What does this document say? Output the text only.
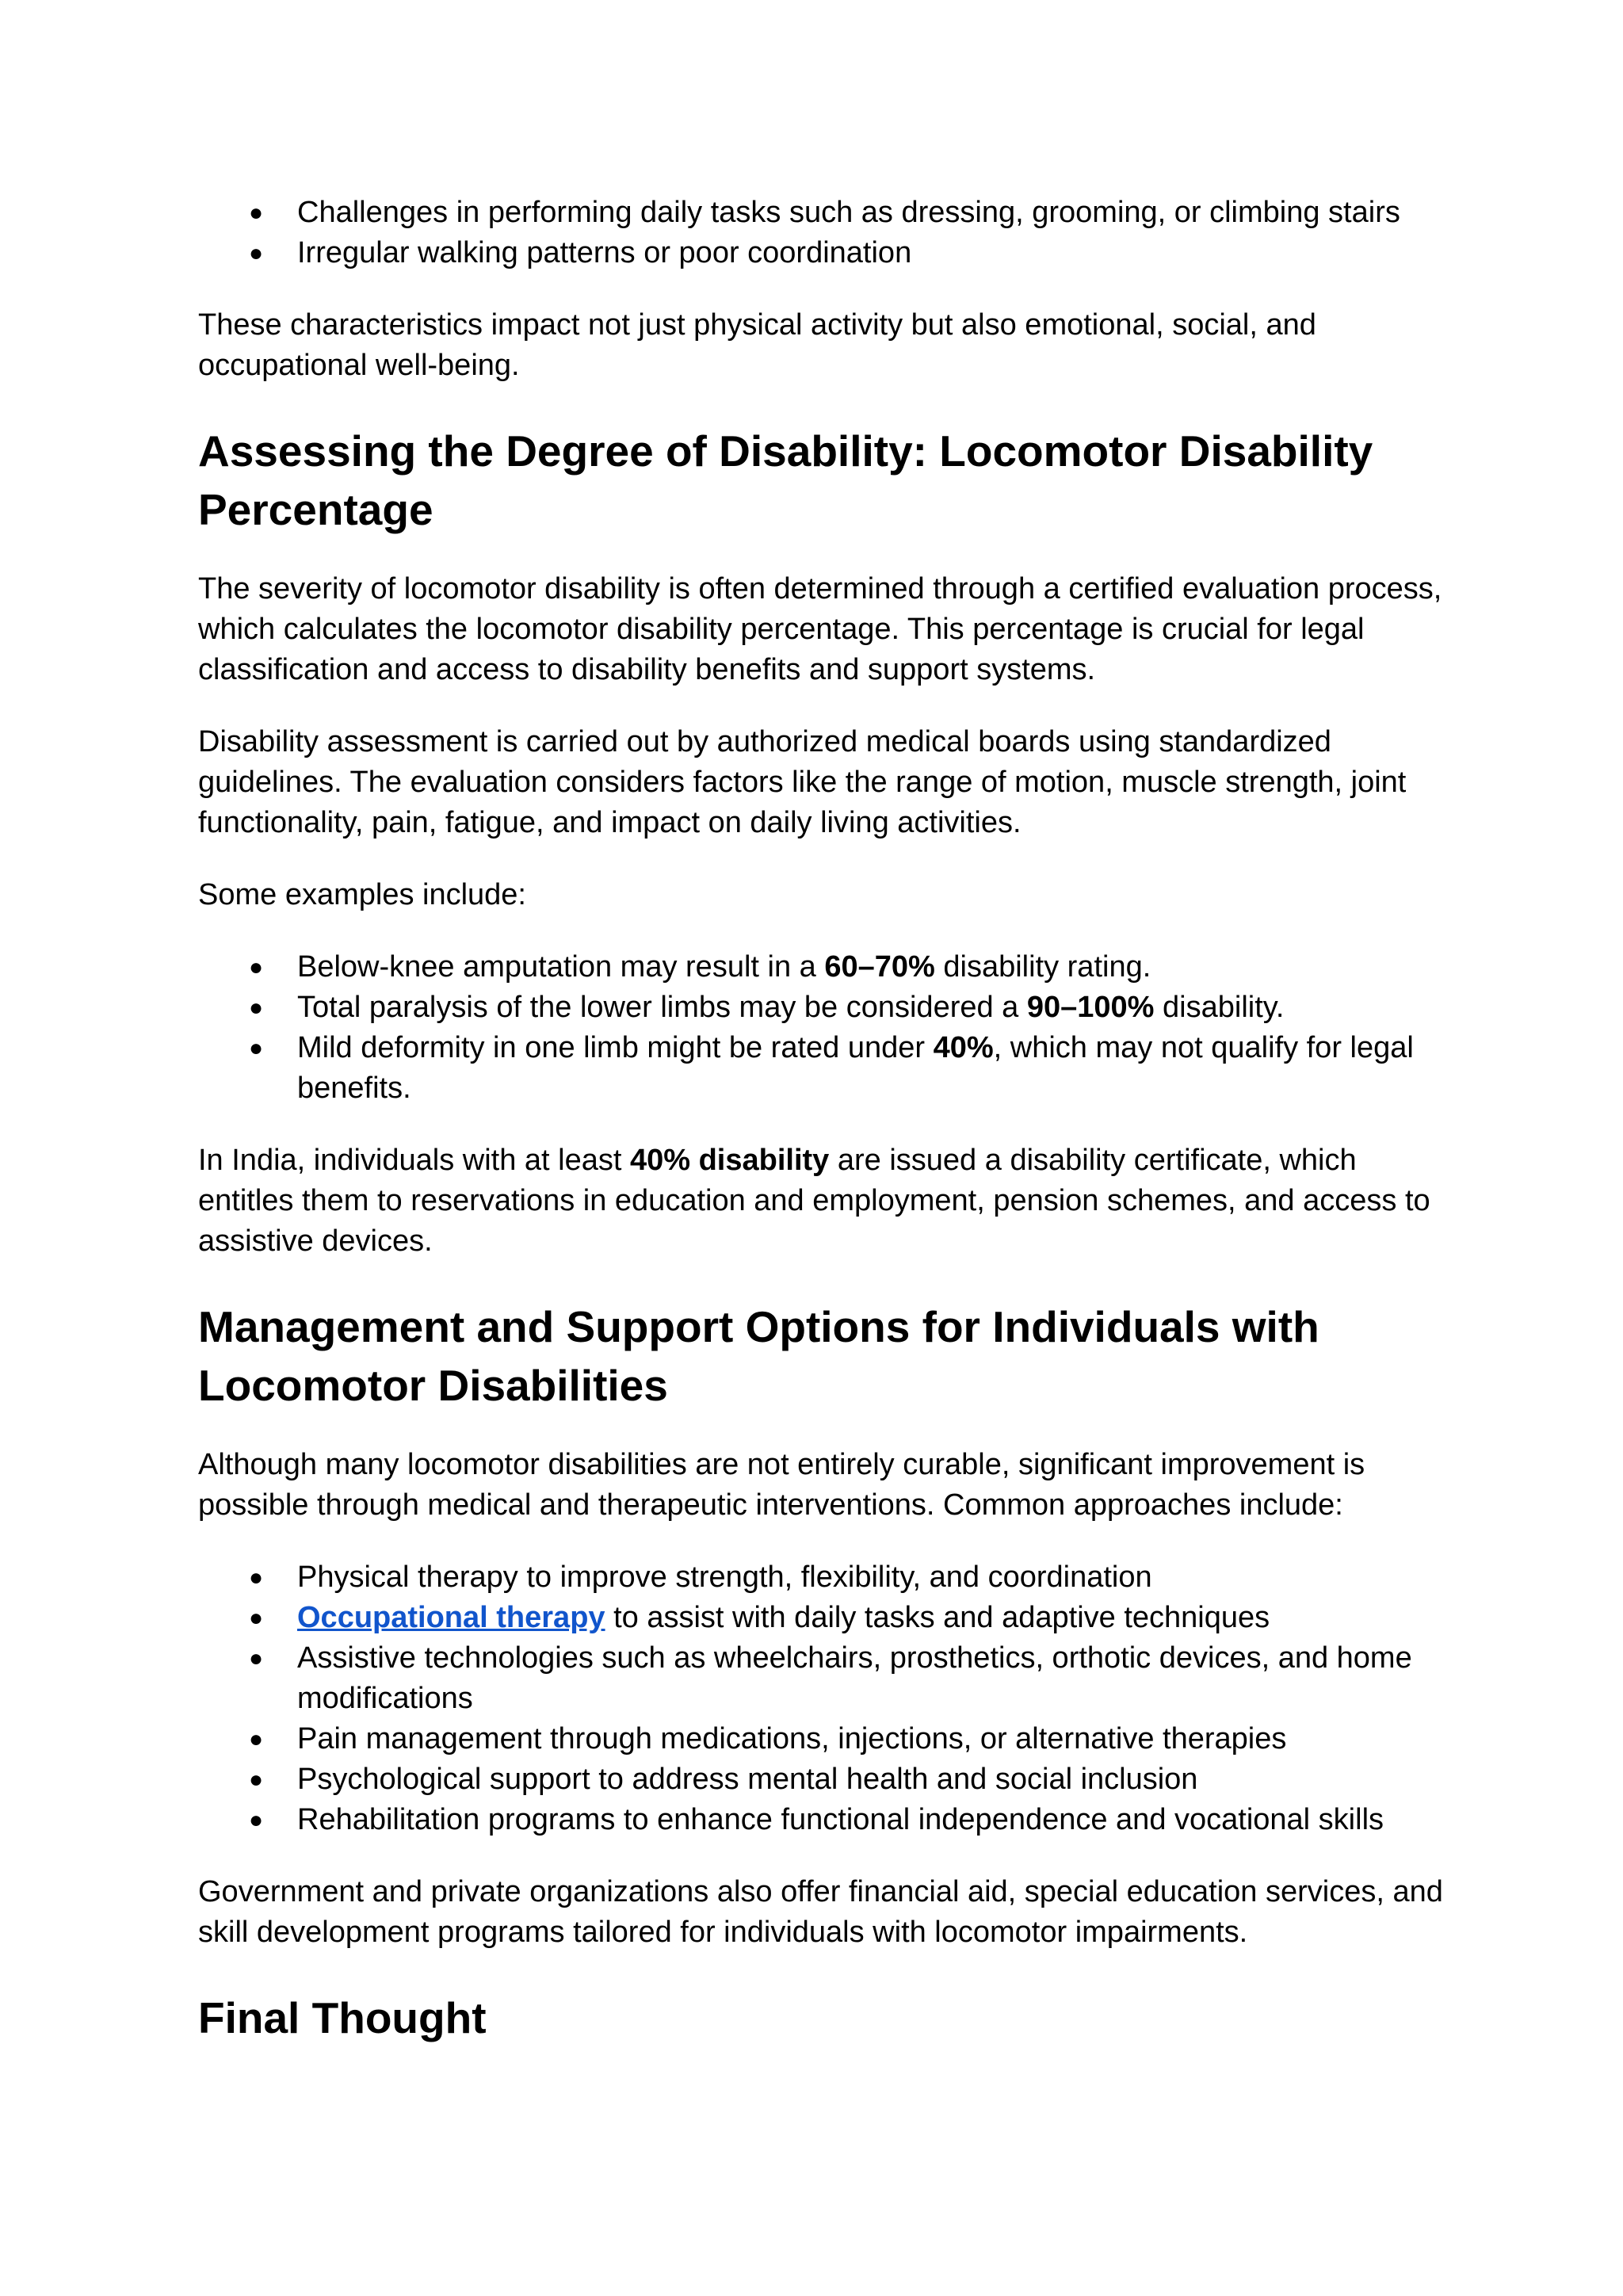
● Challenges in performing daily tasks such as dressing, grooming, or climbing stairs
● Irregular walking patterns or poor coordination

These characteristics impact not just physical activity but also emotional, social, and occupational well-being.

Assessing the Degree of Disability: Locomotor Disability Percentage

The severity of locomotor disability is often determined through a certified evaluation process, which calculates the locomotor disability percentage. This percentage is crucial for legal classification and access to disability benefits and support systems.

Disability assessment is carried out by authorized medical boards using standardized guidelines. The evaluation considers factors like the range of motion, muscle strength, joint functionality, pain, fatigue, and impact on daily living activities.

Some examples include:

● Below-knee amputation may result in a 60–70% disability rating.
● Total paralysis of the lower limbs may be considered a 90–100% disability.
● Mild deformity in one limb might be rated under 40%, which may not qualify for legal benefits.

In India, individuals with at least 40% disability are issued a disability certificate, which entitles them to reservations in education and employment, pension schemes, and access to assistive devices.

Management and Support Options for Individuals with Locomotor Disabilities

Although many locomotor disabilities are not entirely curable, significant improvement is possible through medical and therapeutic interventions. Common approaches include:

● Physical therapy to improve strength, flexibility, and coordination
● Occupational therapy to assist with daily tasks and adaptive techniques
● Assistive technologies such as wheelchairs, prosthetics, orthotic devices, and home modifications
● Pain management through medications, injections, or alternative therapies
● Psychological support to address mental health and social inclusion
● Rehabilitation programs to enhance functional independence and vocational skills

Government and private organizations also offer financial aid, special education services, and skill development programs tailored for individuals with locomotor impairments.

Final Thought
